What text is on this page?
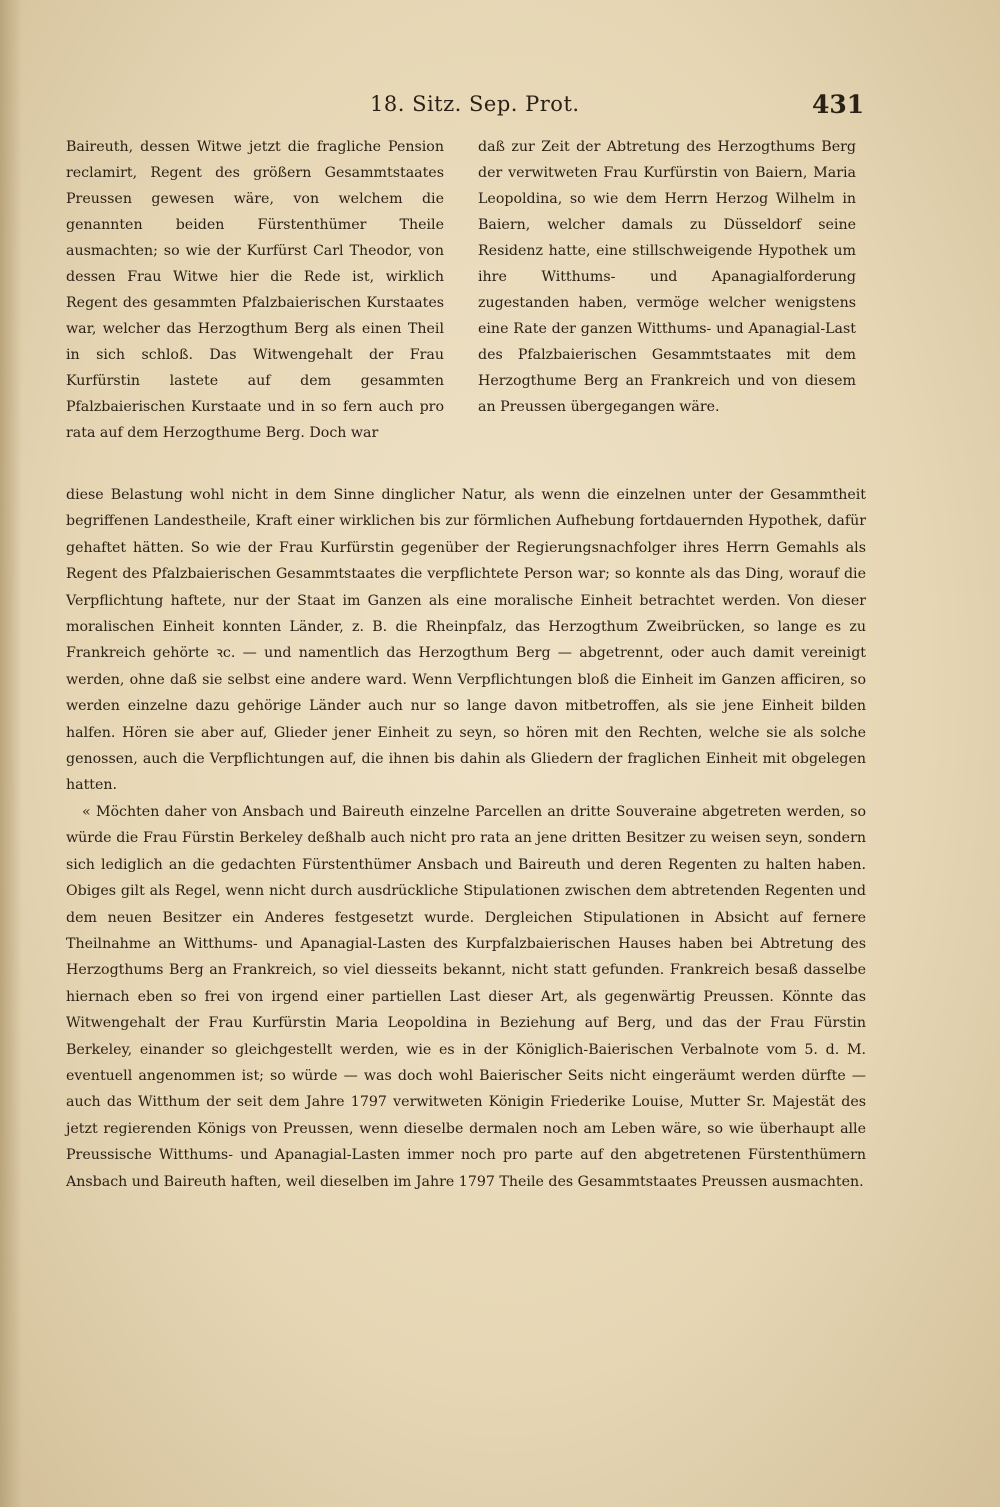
18. Sitz. Sep. Prot.	431
Baireuth, dessen Witwe jetzt die fragliche Pension reclamirt, Regent des größern Gesammtstaates Preussen gewesen wäre, von welchem die genannten beiden Fürstenthümer Theile ausmachten; so wie der Kurfürst Carl Theodor, von dessen Frau Witwe hier die Rede ist, wirklich Regent des gesammten Pfalzbaierischen Kurstaates war, welcher das Herzogthum Berg als einen Theil in sich schloß. Das Witwengehalt der Frau Kurfürstin lastete auf dem gesammten Pfalzbaierischen Kurstaate und in so fern auch pro rata auf dem Herzogthume Berg. Doch war
daß zur Zeit der Abtretung des Herzogthums Berg der verwitweten Frau Kurfürstin von Baiern, Maria Leopoldina, so wie dem Herrn Herzog Wilhelm in Baiern, welcher damals zu Düsseldorf seine Residenz hatte, eine stillschweigende Hypothek um ihre Witthums- und Apanagialforderung zugestanden haben, vermöge welcher wenigstens eine Rate der ganzen Witthums- und Apanagial-Last des Pfalzbaierischen Gesammtstaates mit dem Herzogthume Berg an Frankreich und von diesem an Preussen übergegangen wäre.

diese Belastung wohl nicht in dem Sinne dinglicher Natur, als wenn die einzelnen unter der Gesammtheit begriffenen Landestheile, Kraft einer wirklichen bis zur förmlichen Aufhebung fortdauernden Hypothek, dafür gehaftet hätten. So wie der Frau Kurfürstin gegenüber der Regierungsnachfolger ihres Herrn Gemahls als Regent des Pfalzbaierischen Gesammtstaates die verpflichtete Person war; so konnte als das Ding, worauf die Verpflichtung haftete, nur der Staat im Ganzen als eine moralische Einheit betrachtet werden. Von dieser moralischen Einheit konnten Länder, z. B. die Rheinpfalz, das Herzogthum Zweibrücken, so lange es zu Frankreich gehörte ꝛc. — und namentlich das Herzogthum Berg — abgetrennt, oder auch damit vereinigt werden, ohne daß sie selbst eine andere ward. Wenn Verpflichtungen bloß die Einheit im Ganzen afficiren, so werden einzelne dazu gehörige Länder auch nur so lange davon mitbetroffen, als sie jene Einheit bilden halfen. Hören sie aber auf, Glieder jener Einheit zu seyn, so hören mit den Rechten, welche sie als solche genossen, auch die Verpflichtungen auf, die ihnen bis dahin als Gliedern der fraglichen Einheit mit obgelegen hatten.

« Möchten daher von Ansbach und Baireuth einzelne Parcellen an dritte Souveraine abgetreten werden, so würde die Frau Fürstin Berkeley deßhalb auch nicht pro rata an jene dritten Besitzer zu weisen seyn, sondern sich lediglich an die gedachten Fürstenthümer Ansbach und Baireuth und deren Regenten zu halten haben. Obiges gilt als Regel, wenn nicht durch ausdrückliche Stipulationen zwischen dem abtretenden Regenten und dem neuen Besitzer ein Anderes festgesetzt wurde. Dergleichen Stipulationen in Absicht auf fernere Theilnahme an Witthums- und Apanagial-Lasten des Kurpfalzbaierischen Hauses haben bei Abtretung des Herzogthums Berg an Frankreich, so viel diesseits bekannt, nicht statt gefunden. Frankreich besaß dasselbe hiernach eben so frei von irgend einer partiellen Last dieser Art, als gegenwärtig Preussen. Könnte das Witwengehalt der Frau Kurfürstin Maria Leopoldina in Beziehung auf Berg, und das der Frau Fürstin Berkeley, einander so gleichgestellt werden, wie es in der Königlich-Baierischen Verbalnote vom 5. d. M. eventuell angenommen ist; so würde — was doch wohl Baierischer Seits nicht eingeräumt werden dürfte — auch das Witthum der seit dem Jahre 1797 verwitweten Königin Friederike Louise, Mutter Sr. Majestät des jetzt regierenden Königs von Preussen, wenn dieselbe dermalen noch am Leben wäre, so wie überhaupt alle Preussische Witthums- und Apanagial-Lasten immer noch pro parte auf den abgetretenen Fürstenthümern Ansbach und Baireuth haften, weil dieselben im Jahre 1797 Theile des Gesammtstaates Preussen ausmachten.
